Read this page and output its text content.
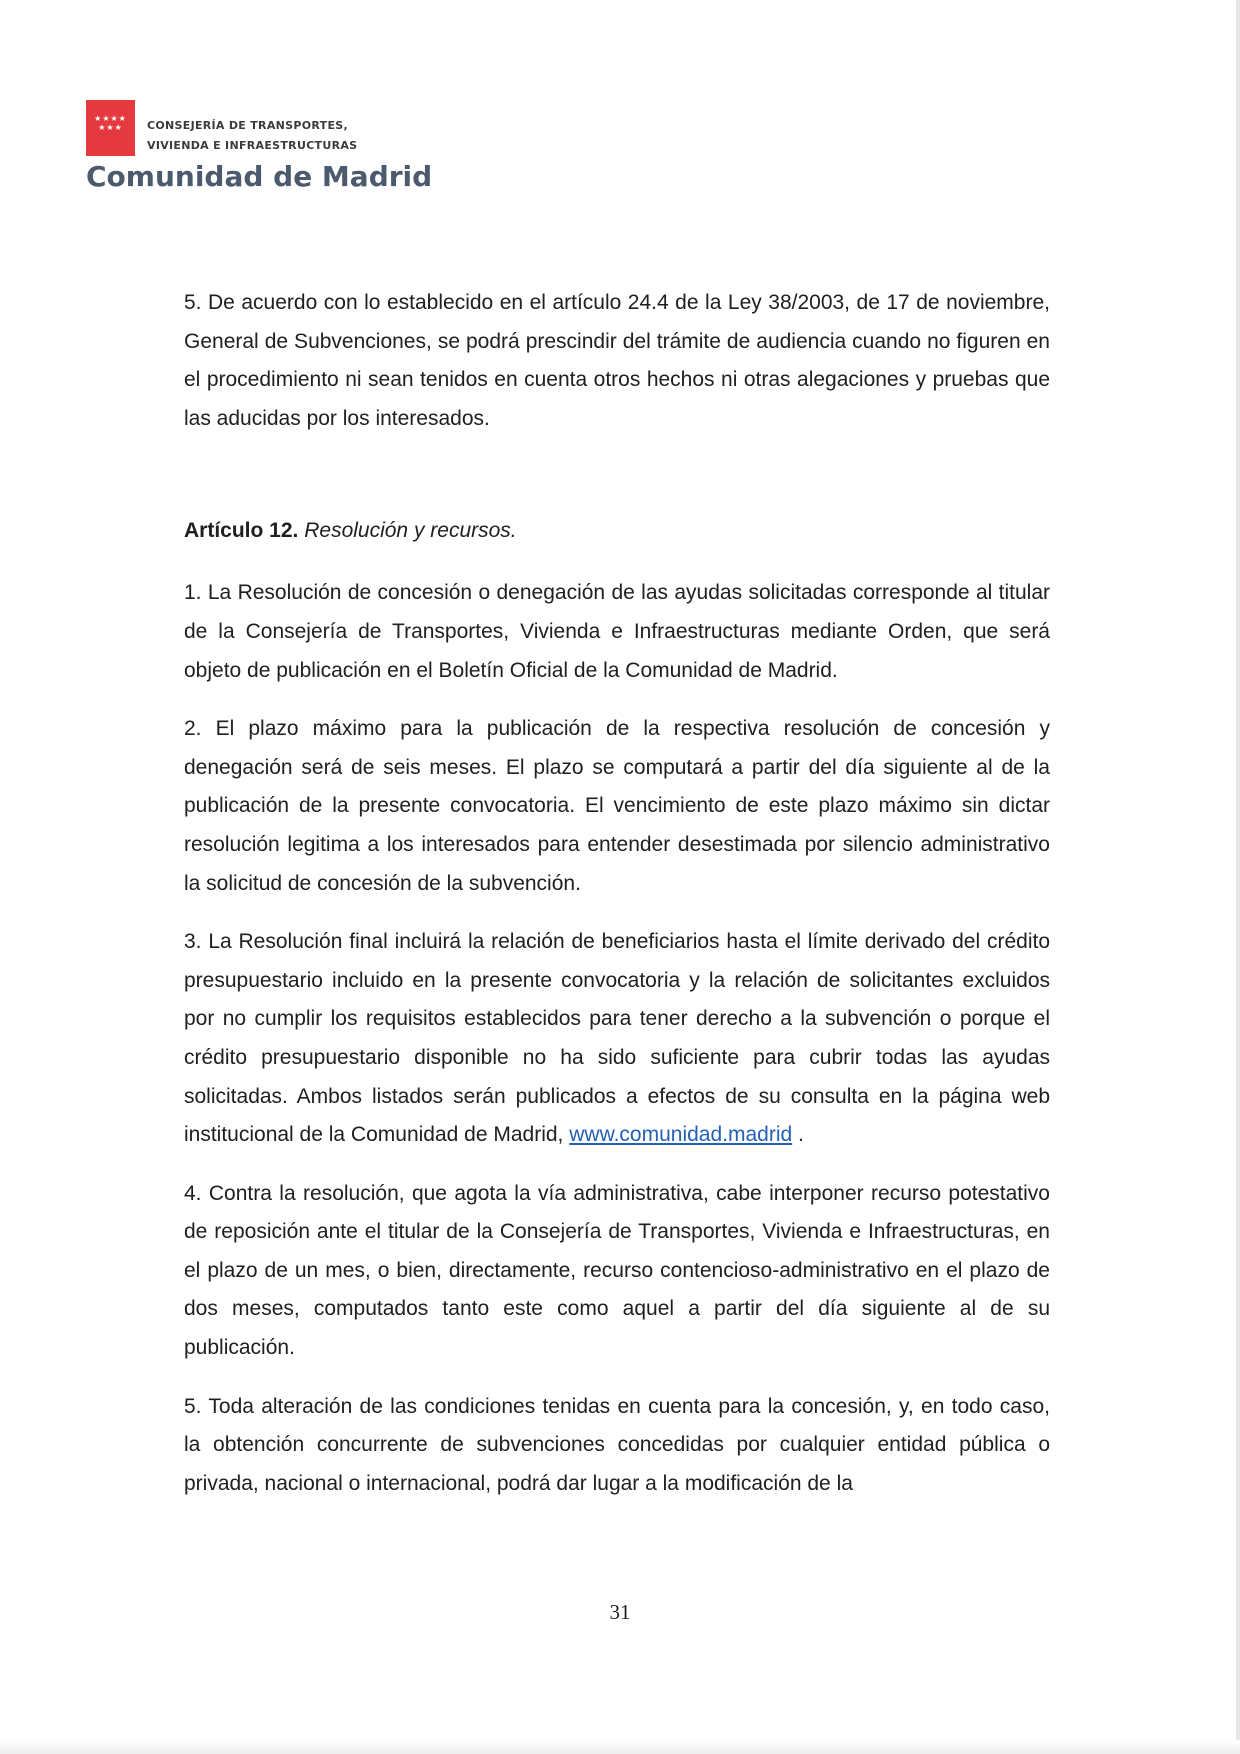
★★★★ ★★★	CONSEJERÍA DE TRANSPORTES,
VIVIENDA E INFRAESTRUCTURAS
Comunidad de Madrid

5. De acuerdo con lo establecido en el artículo 24.4 de la Ley 38/2003, de 17 de noviembre, General de Subvenciones, se podrá prescindir del trámite de audiencia cuando no figuren en el procedimiento ni sean tenidos en cuenta otros hechos ni otras alegaciones y pruebas que las aducidas por los interesados.

Artículo 12. Resolución y recursos.

1. La Resolución de concesión o denegación de las ayudas solicitadas corresponde al titular de la Consejería de Transportes, Vivienda e Infraestructuras mediante Orden, que será objeto de publicación en el Boletín Oficial de la Comunidad de Madrid.

2. El plazo máximo para la publicación de la respectiva resolución de concesión y denegación será de seis meses. El plazo se computará a partir del día siguiente al de la publicación de la presente convocatoria. El vencimiento de este plazo máximo sin dictar resolución legitima a los interesados para entender desestimada por silencio administrativo la solicitud de concesión de la subvención.

3. La Resolución final incluirá la relación de beneficiarios hasta el límite derivado del crédito presupuestario incluido en la presente convocatoria y la relación de solicitantes excluidos por no cumplir los requisitos establecidos para tener derecho a la subvención o porque el crédito presupuestario disponible no ha sido suficiente para cubrir todas las ayudas solicitadas. Ambos listados serán publicados a efectos de su consulta en la página web institucional de la Comunidad de Madrid, www.comunidad.madrid .

4. Contra la resolución, que agota la vía administrativa, cabe interponer recurso potestativo de reposición ante el titular de la Consejería de Transportes, Vivienda e Infraestructuras, en el plazo de un mes, o bien, directamente, recurso contencioso-administrativo en el plazo de dos meses, computados tanto este como aquel a partir del día siguiente al de su publicación.

5. Toda alteración de las condiciones tenidas en cuenta para la concesión, y, en todo caso, la obtención concurrente de subvenciones concedidas por cualquier entidad pública o privada, nacional o internacional, podrá dar lugar a la modificación de la

31
